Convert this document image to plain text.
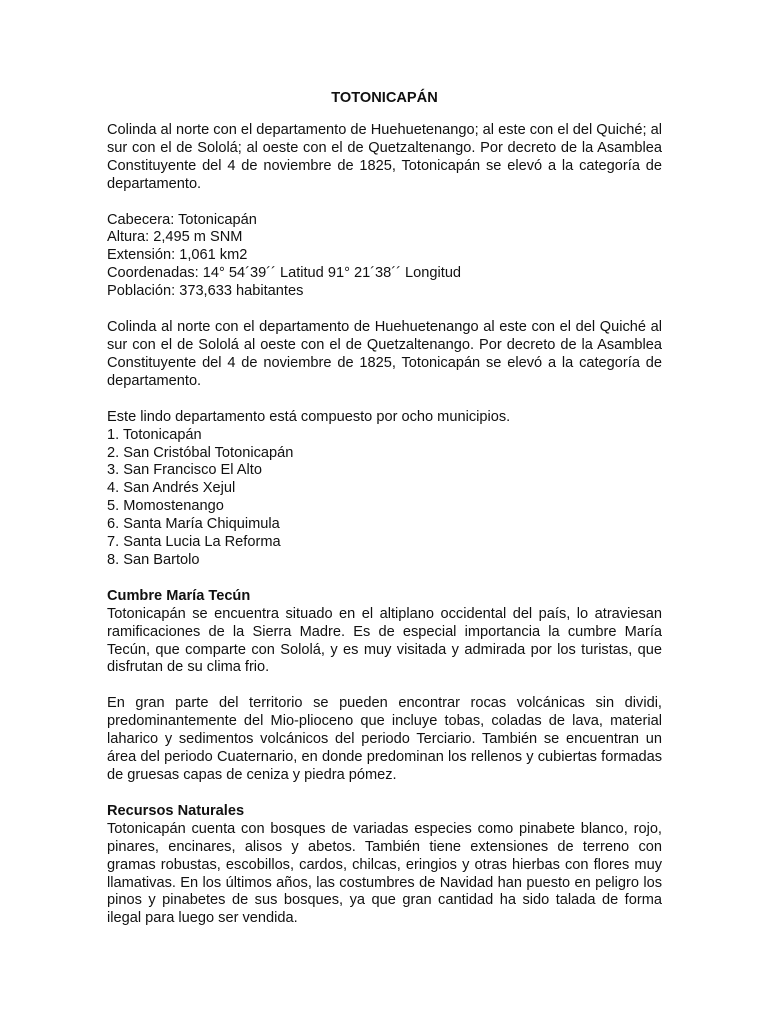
TOTONICAPÁN

Colinda al norte con el departamento de Huehuetenango; al este con el del Quiché; al sur con el de Sololá; al oeste con el de Quetzaltenango. Por decreto de la Asamblea Constituyente del 4 de noviembre de 1825, Totonicapán se elevó a la categoría de departamento.

Cabecera: Totonicapán

Altura: 2,495 m SNM

Extensión: 1,061 km2

Coordenadas: 14° 54´39´´ Latitud 91° 21´38´´ Longitud

Población: 373,633 habitantes

Colinda al norte con el departamento de Huehuetenango al este con el del Quiché al sur con el de Sololá al oeste con el de Quetzaltenango. Por decreto de la Asamblea Constituyente del 4 de noviembre de 1825, Totonicapán se elevó a la categoría de departamento.

Este lindo departamento está compuesto por ocho municipios.

1. Totonicapán

2. San Cristóbal Totonicapán

3. San Francisco El Alto

4. San Andrés Xejul

5. Momostenango

6. Santa María Chiquimula

7. Santa Lucia La Reforma

8. San Bartolo

Cumbre María Tecún

Totonicapán se encuentra situado en el altiplano occidental del país, lo atraviesan ramificaciones de la Sierra Madre. Es de especial importancia la cumbre María Tecún, que comparte con Sololá, y es muy visitada y admirada por los turistas, que disfrutan de su clima frio.

En gran parte del territorio se pueden encontrar rocas volcánicas sin dividi, predominantemente del Mio-plioceno que incluye tobas, coladas de lava, material laharico y sedimentos volcánicos del periodo Terciario. También se encuentran un área del periodo Cuaternario, en donde predominan los rellenos y cubiertas formadas de gruesas capas de ceniza y piedra pómez.

Recursos Naturales

Totonicapán cuenta con bosques de variadas especies como pinabete blanco, rojo, pinares, encinares, alisos y abetos. También tiene extensiones de terreno con gramas robustas, escobillos, cardos, chilcas, eringios y otras hierbas con flores muy llamativas. En los últimos años, las costumbres de Navidad han puesto en peligro los pinos y pinabetes de sus bosques, ya que gran cantidad ha sido talada de forma ilegal para luego ser vendida.
